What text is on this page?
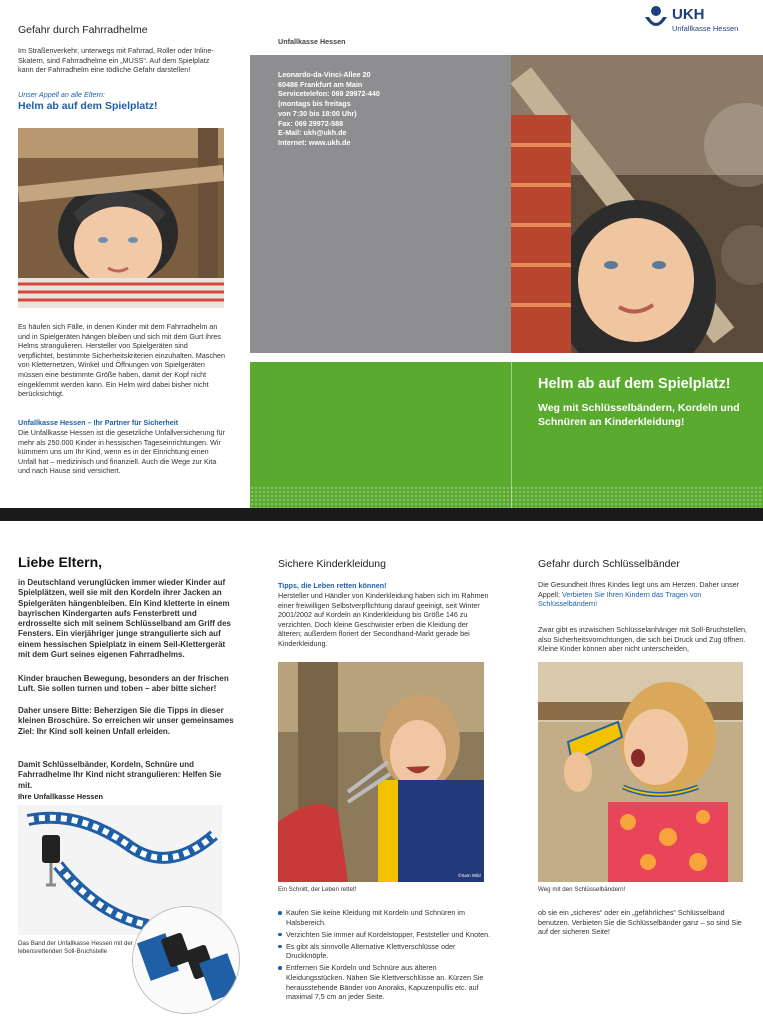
UKH
Unfallkasse Hessen
Gefahr durch Fahrradhelme
Im Straßenverkehr, unterwegs mit Fahrrad, Roller oder Inline-Skatern, sind Fahrradhelme ein „MUSS“. Auf dem Spielplatz kann der Fahrradhelm eine tödliche Gefahr darstellen!
Unser Appell an alle Eltern:
Helm ab auf dem Spielplatz!
Es häufen sich Fälle, in denen Kinder mit dem Fahrradhelm an und in Spielgeräten hängen bleiben und sich mit dem Gurt ihres Helms strangulieren. Hersteller von Spielgeräten sind verpflichtet, bestimmte Sicherheitskriterien einzuhalten. Maschen von Kletternetzen, Winkel und Öffnungen von Spielgeräten müssen eine bestimmte Größe haben, damit der Kopf nicht eingeklemmt werden kann. Ein Helm wird dabei bisher nicht berücksichtigt.
Unfallkasse Hessen – Ihr Partner für Sicherheit
Die Unfallkasse Hessen ist die gesetzliche Unfallversicherung für mehr als 250.000 Kinder in hessischen Tageseinrichtungen. Wir kümmern uns um Ihr Kind, wenn es in der Einrichtung einen Unfall hat – medizinisch und finanziell. Auch die Wege zur Kita und nach Hause sind versichert.
Unfallkasse Hessen
Leonardo-da-Vinci-Allee 20
60486 Frankfurt am Main
Servicetelefon: 069 29972-440
(montags bis freitags
von 7:30 bis 18:00 Uhr)
Fax: 069 29972-588
E-Mail: ukh@ukh.de
Internet: www.ukh.de
Helm ab auf dem Spielplatz!
Weg mit Schlüsselbändern, Kordeln und Schnüren an Kinderkleidung!
Liebe Eltern,
in Deutschland verunglücken immer wieder Kinder auf Spielplätzen, weil sie mit den Kordeln ihrer Jacken an Spielgeräten hängenbleiben. Ein Kind kletterte in einem bayrischen Kindergarten aufs Fensterbrett und erdrosselte sich mit seinem Schlüsselband am Griff des Fensters. Ein vierjähriger junge strangulierte sich auf einem hessischen Spielplatz in einem Seil-Klettergerät mit dem Gurt seines eigenen Fahrradhelms.
Kinder brauchen Bewegung, besonders an der frischen Luft. Sie sollen turnen und toben – aber bitte sicher!
Daher unsere Bitte: Beherzigen Sie die Tipps in dieser kleinen Broschüre. So erreichen wir unser gemeinsames Ziel: Ihr Kind soll keinen Unfall erleiden.
Damit Schlüsselbänder, Kordeln, Schnüre und Fahrradhelme Ihr Kind nicht strangulieren: Helfen Sie mit.
Ihre Unfallkasse Hessen
Das Band der Unfallkasse Hessen mit der lebensrettenden Soll-Bruchstelle
Sichere Kinderkleidung
Tipps, die Leben retten können!
Hersteller und Händler von Kinderkleidung haben sich im Rahmen einer freiwilligen Selbstverpflichtung darauf geeinigt, seit Winter 2001/2002 auf Kordeln an Kinderkleidung bis Größe 146 zu verzichten. Doch kleine Geschwister erben die Kleidung der älteren; außerdem floriert der Secondhand-Markt gerade bei Kinderkleidung.
©Sam Wild
Ein Schnitt, der Leben rettet!
Kaufen Sie keine Kleidung mit Kordeln und Schnüren im Halsbereich.
Verzichten Sie immer auf Kordelstopper, Feststeller und Knoten.
Es gibt als sinnvolle Alternative Klettverschlüsse oder Druckknöpfe.
Entfernen Sie Kordeln und Schnüre aus älteren Kleidungsstücken. Nähen Sie Klettverschlüsse an. Kürzen Sie herausstehende Bänder von Anoraks, Kapuzenpullis etc. auf maximal 7,5 cm an jeder Seite.
Gefahr durch Schlüsselbänder
Die Gesundheit Ihres Kindes liegt uns am Herzen. Daher unser Appell: Verbieten Sie Ihren Kindern das Tragen von Schlüsselbändern!
Zwar gibt es inzwischen Schlüsselanhänger mit Soll-Bruchstellen, also Sicherheitsvorrichtungen, die sich bei Druck und Zug öffnen. Kleine Kinder können aber nicht unterscheiden,
Weg mit den Schlüsselbändern!
ob sie ein „sicheres“ oder ein „gefährliches“ Schlüsselband benutzen. Verbieten Sie die Schlüsselbänder ganz – so sind Sie auf der sicheren Seite!
